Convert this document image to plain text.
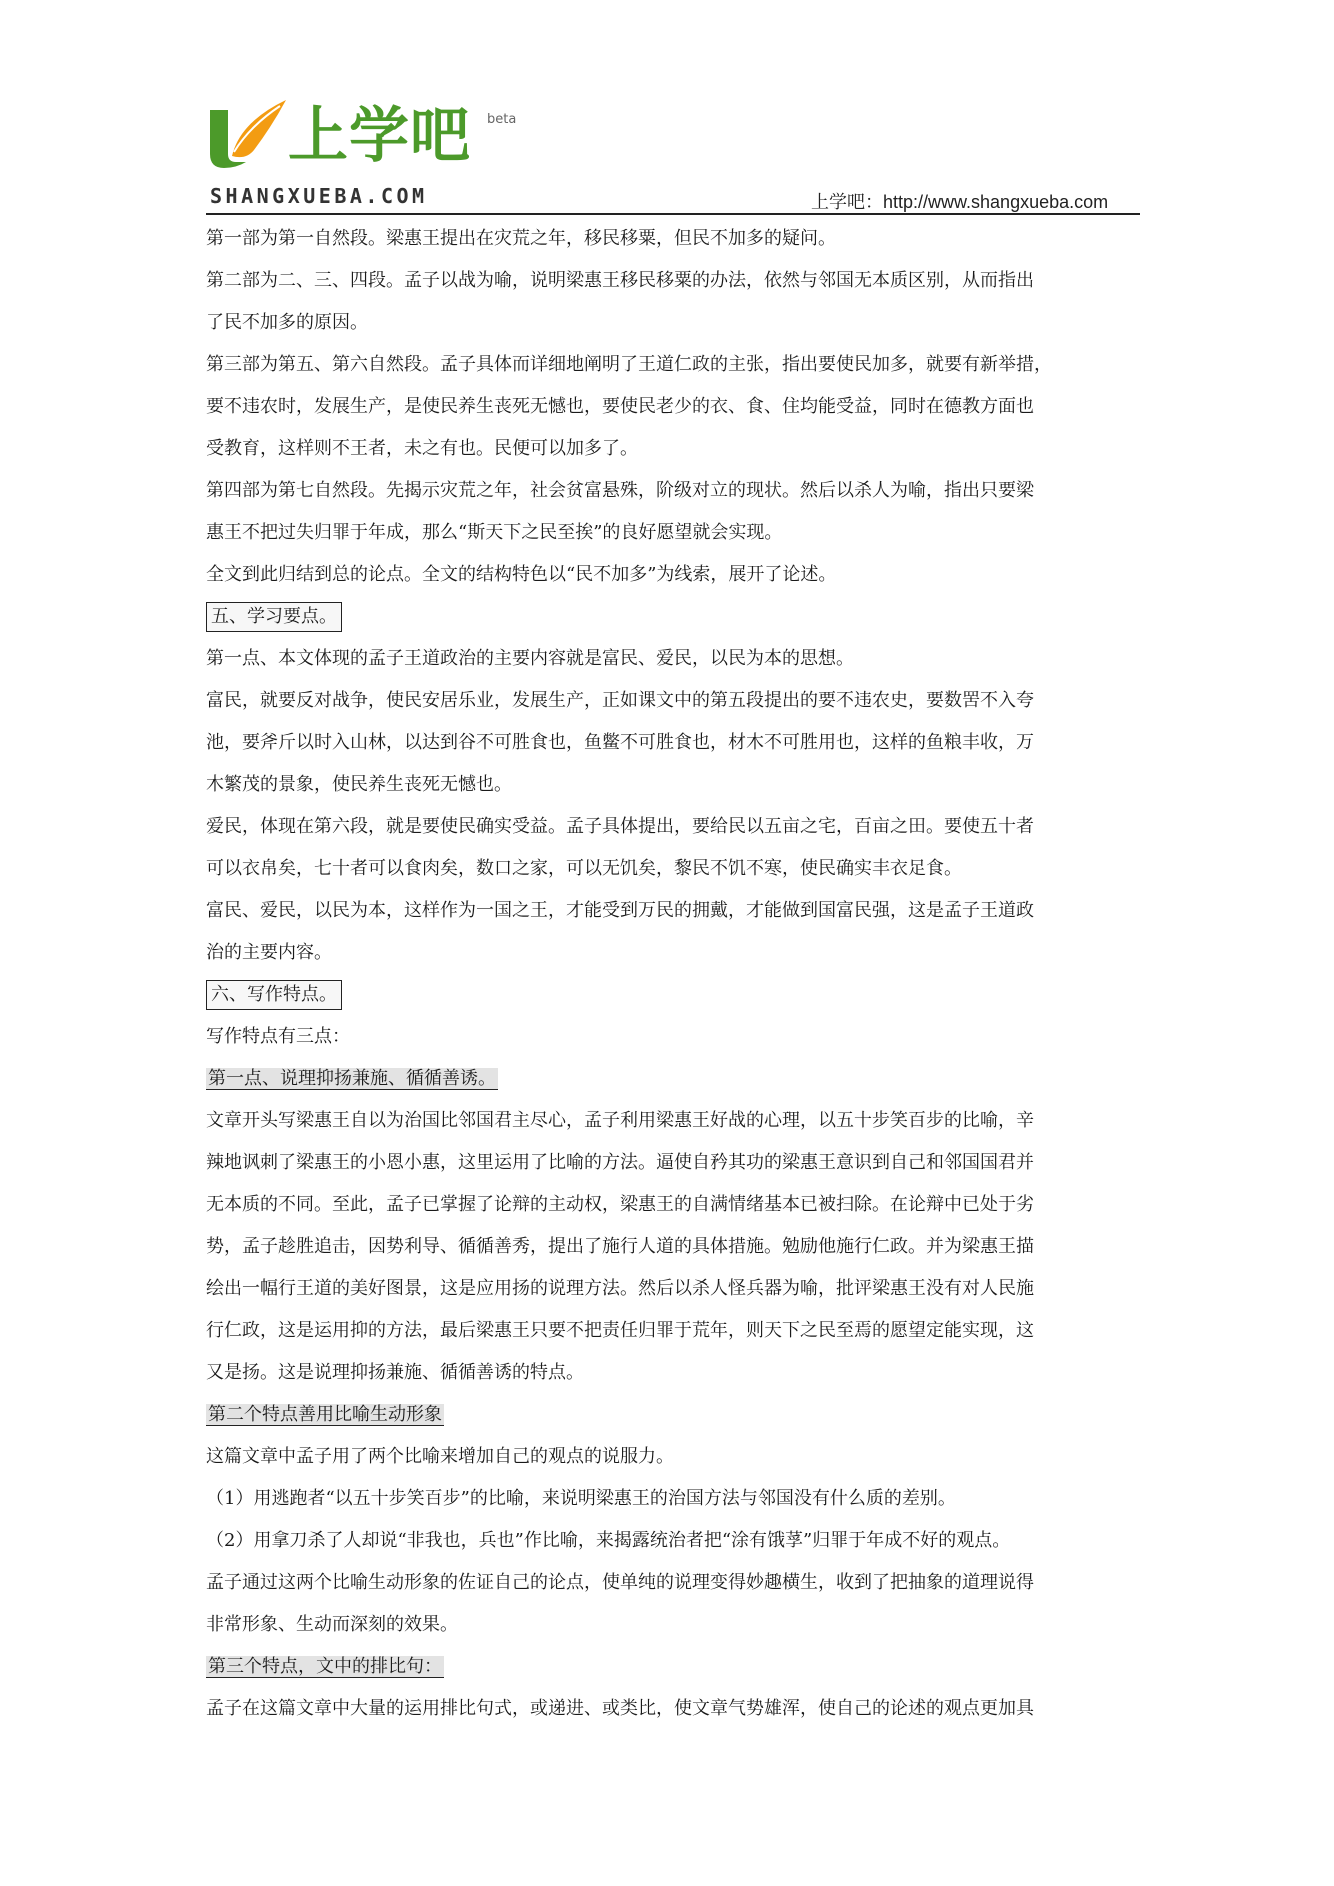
上学吧 beta
SHANGXUEBA.COM	上学吧：http://www.shangxueba.com
第一部为第一自然段。梁惠王提出在灾荒之年，移民移粟，但民不加多的疑问。
第二部为二、三、四段。孟子以战为喻，说明梁惠王移民移粟的办法，依然与邻国无本质区别，从而指出
了民不加多的原因。
第三部为第五、第六自然段。孟子具体而详细地阐明了王道仁政的主张，指出要使民加多，就要有新举措，
要不违农时，发展生产，是使民养生丧死无憾也，要使民老少的衣、食、住均能受益，同时在德教方面也
受教育，这样则不王者，未之有也。民便可以加多了。
第四部为第七自然段。先揭示灾荒之年，社会贫富悬殊，阶级对立的现状。然后以杀人为喻，指出只要梁
惠王不把过失归罪于年成，那么“斯天下之民至挨”的良好愿望就会实现。
全文到此归结到总的论点。全文的结构特色以“民不加多”为线索，展开了论述。
五、学习要点。
第一点、本文体现的孟子王道政治的主要内容就是富民、爱民，以民为本的思想。
富民，就要反对战争，使民安居乐业，发展生产，正如课文中的第五段提出的要不违农史，要数罟不入夸
池，要斧斤以时入山林，以达到谷不可胜食也，鱼鳖不可胜食也，材木不可胜用也，这样的鱼粮丰收，万
木繁茂的景象，使民养生丧死无憾也。
爱民，体现在第六段，就是要使民确实受益。孟子具体提出，要给民以五亩之宅，百亩之田。要使五十者
可以衣帛矣，七十者可以食肉矣，数口之家，可以无饥矣，黎民不饥不寒，使民确实丰衣足食。
富民、爱民，以民为本，这样作为一国之王，才能受到万民的拥戴，才能做到国富民强，这是孟子王道政
治的主要内容。
六、写作特点。
写作特点有三点：
第一点、说理抑扬兼施、循循善诱。
文章开头写梁惠王自以为治国比邻国君主尽心，孟子利用梁惠王好战的心理，以五十步笑百步的比喻，辛
辣地讽刺了梁惠王的小恩小惠，这里运用了比喻的方法。逼使自矜其功的梁惠王意识到自己和邻国国君并
无本质的不同。至此，孟子已掌握了论辩的主动权，梁惠王的自满情绪基本已被扫除。在论辩中已处于劣
势，孟子趁胜追击，因势利导、循循善秀，提出了施行人道的具体措施。勉励他施行仁政。并为梁惠王描
绘出一幅行王道的美好图景，这是应用扬的说理方法。然后以杀人怪兵器为喻，批评梁惠王没有对人民施
行仁政，这是运用抑的方法，最后梁惠王只要不把责任归罪于荒年，则天下之民至焉的愿望定能实现，这
又是扬。这是说理抑扬兼施、循循善诱的特点。
第二个特点善用比喻生动形象
这篇文章中孟子用了两个比喻来增加自己的观点的说服力。
（1）用逃跑者“以五十步笑百步”的比喻，来说明梁惠王的治国方法与邻国没有什么质的差别。
（2）用拿刀杀了人却说“非我也，兵也”作比喻，来揭露统治者把“涂有饿莩”归罪于年成不好的观点。
孟子通过这两个比喻生动形象的佐证自己的论点，使单纯的说理变得妙趣横生，收到了把抽象的道理说得
非常形象、生动而深刻的效果。
第三个特点，文中的排比句：
孟子在这篇文章中大量的运用排比句式，或递进、或类比，使文章气势雄浑，使自己的论述的观点更加具
